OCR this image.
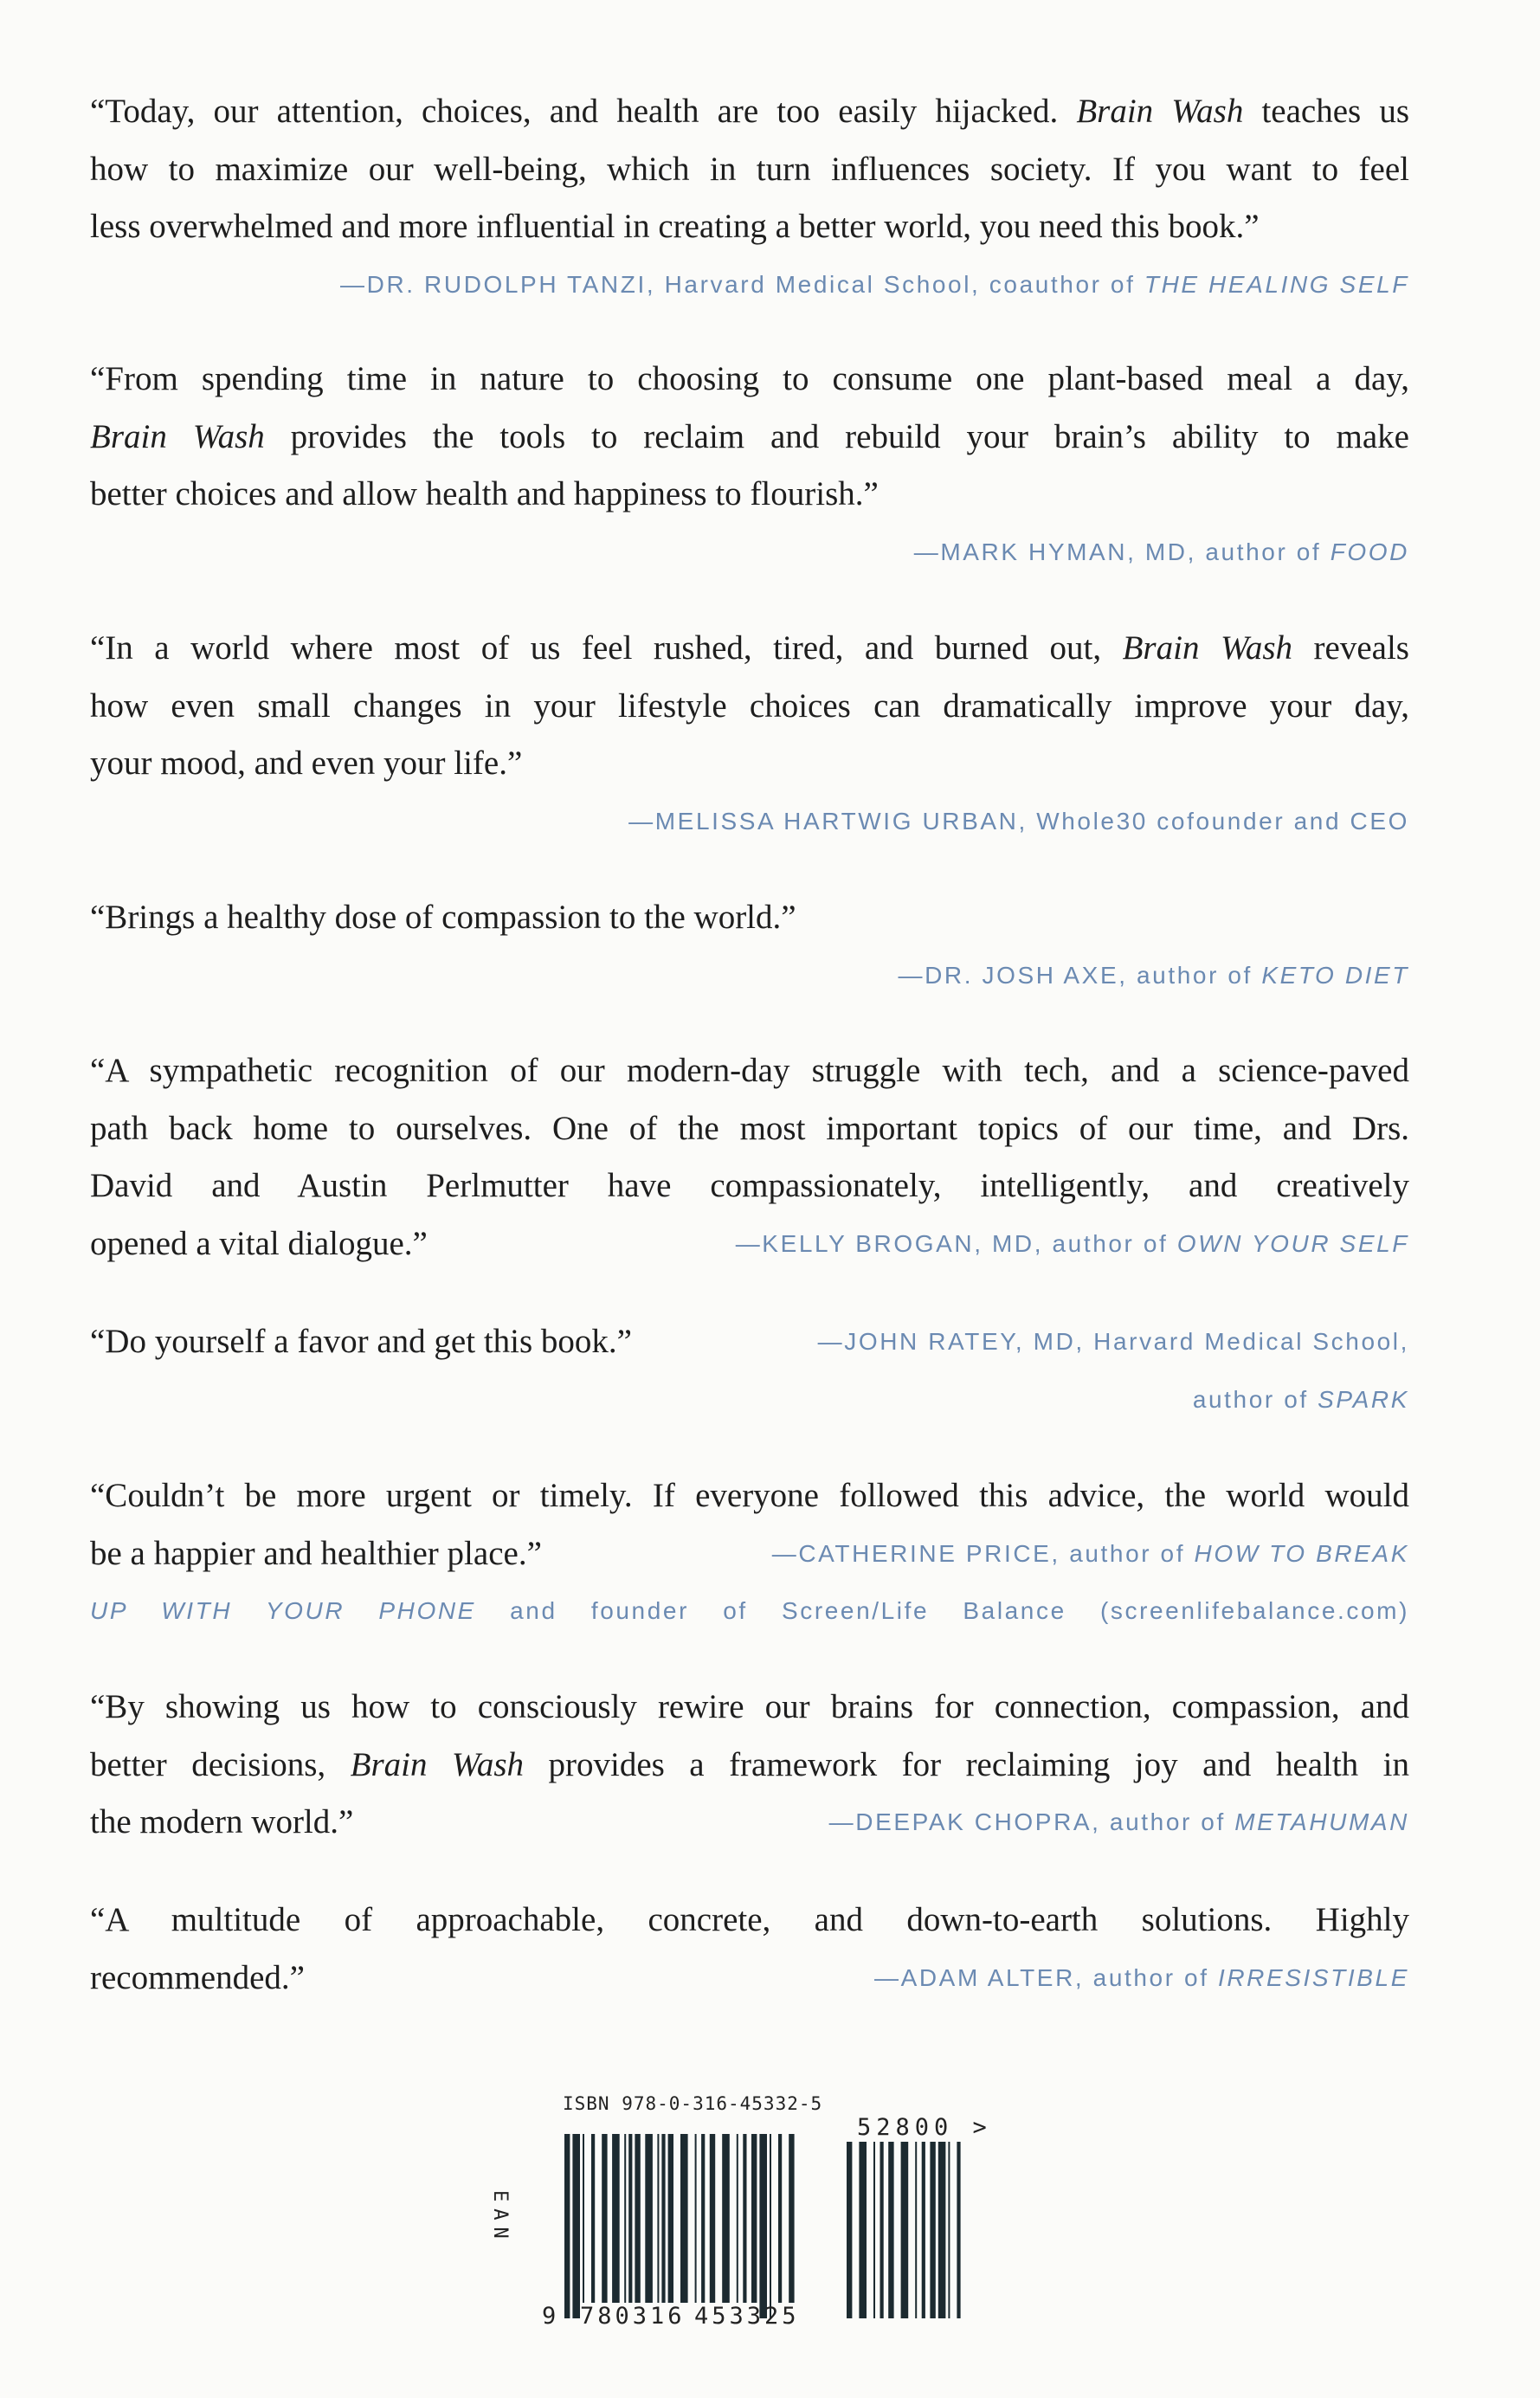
“Today, our attention, choices, and health are too easily hijacked. Brain Wash teaches us
how to maximize our well-being, which in turn influences society. If you want to feel
less overwhelmed and more influential in creating a better world, you need this book.”
—DR. RUDOLPH TANZI, Harvard Medical School, coauthor of THE HEALING SELF
“From spending time in nature to choosing to consume one plant-based meal a day,
Brain Wash provides the tools to reclaim and rebuild your brain’s ability to make
better choices and allow health and happiness to flourish.”
—MARK HYMAN, MD, author of FOOD
“In a world where most of us feel rushed, tired, and burned out, Brain Wash reveals
how even small changes in your lifestyle choices can dramatically improve your day,
your mood, and even your life.”
—MELISSA HARTWIG URBAN, Whole30 cofounder and CEO
“Brings a healthy dose of compassion to the world.”
—DR. JOSH AXE, author of KETO DIET
“A sympathetic recognition of our modern-day struggle with tech, and a science-paved
path back home to ourselves. One of the most important topics of our time, and Drs.
David and Austin Perlmutter have compassionately, intelligently, and creatively
opened a vital dialogue.”	—KELLY BROGAN, MD, author of OWN YOUR SELF
“Do yourself a favor and get this book.”	—JOHN RATEY, MD, Harvard Medical School,
author of SPARK
“Couldn’t be more urgent or timely. If everyone followed this advice, the world would
be a happier and healthier place.”	—CATHERINE PRICE, author of HOW TO BREAK
UP WITH YOUR PHONE and founder of Screen/Life Balance (screenlifebalance.com)
“By showing us how to consciously rewire our brains for connection, compassion, and
better decisions, Brain Wash provides a framework for reclaiming joy and health in
the modern world.”	—DEEPAK CHOPRA, author of METAHUMAN
“A multitude of approachable, concrete, and down-to-earth solutions. Highly
recommended.”	—ADAM ALTER, author of IRRESISTIBLE
ISBN 978-0-316-45332-5
EAN
9 780316 453325
52800 >
